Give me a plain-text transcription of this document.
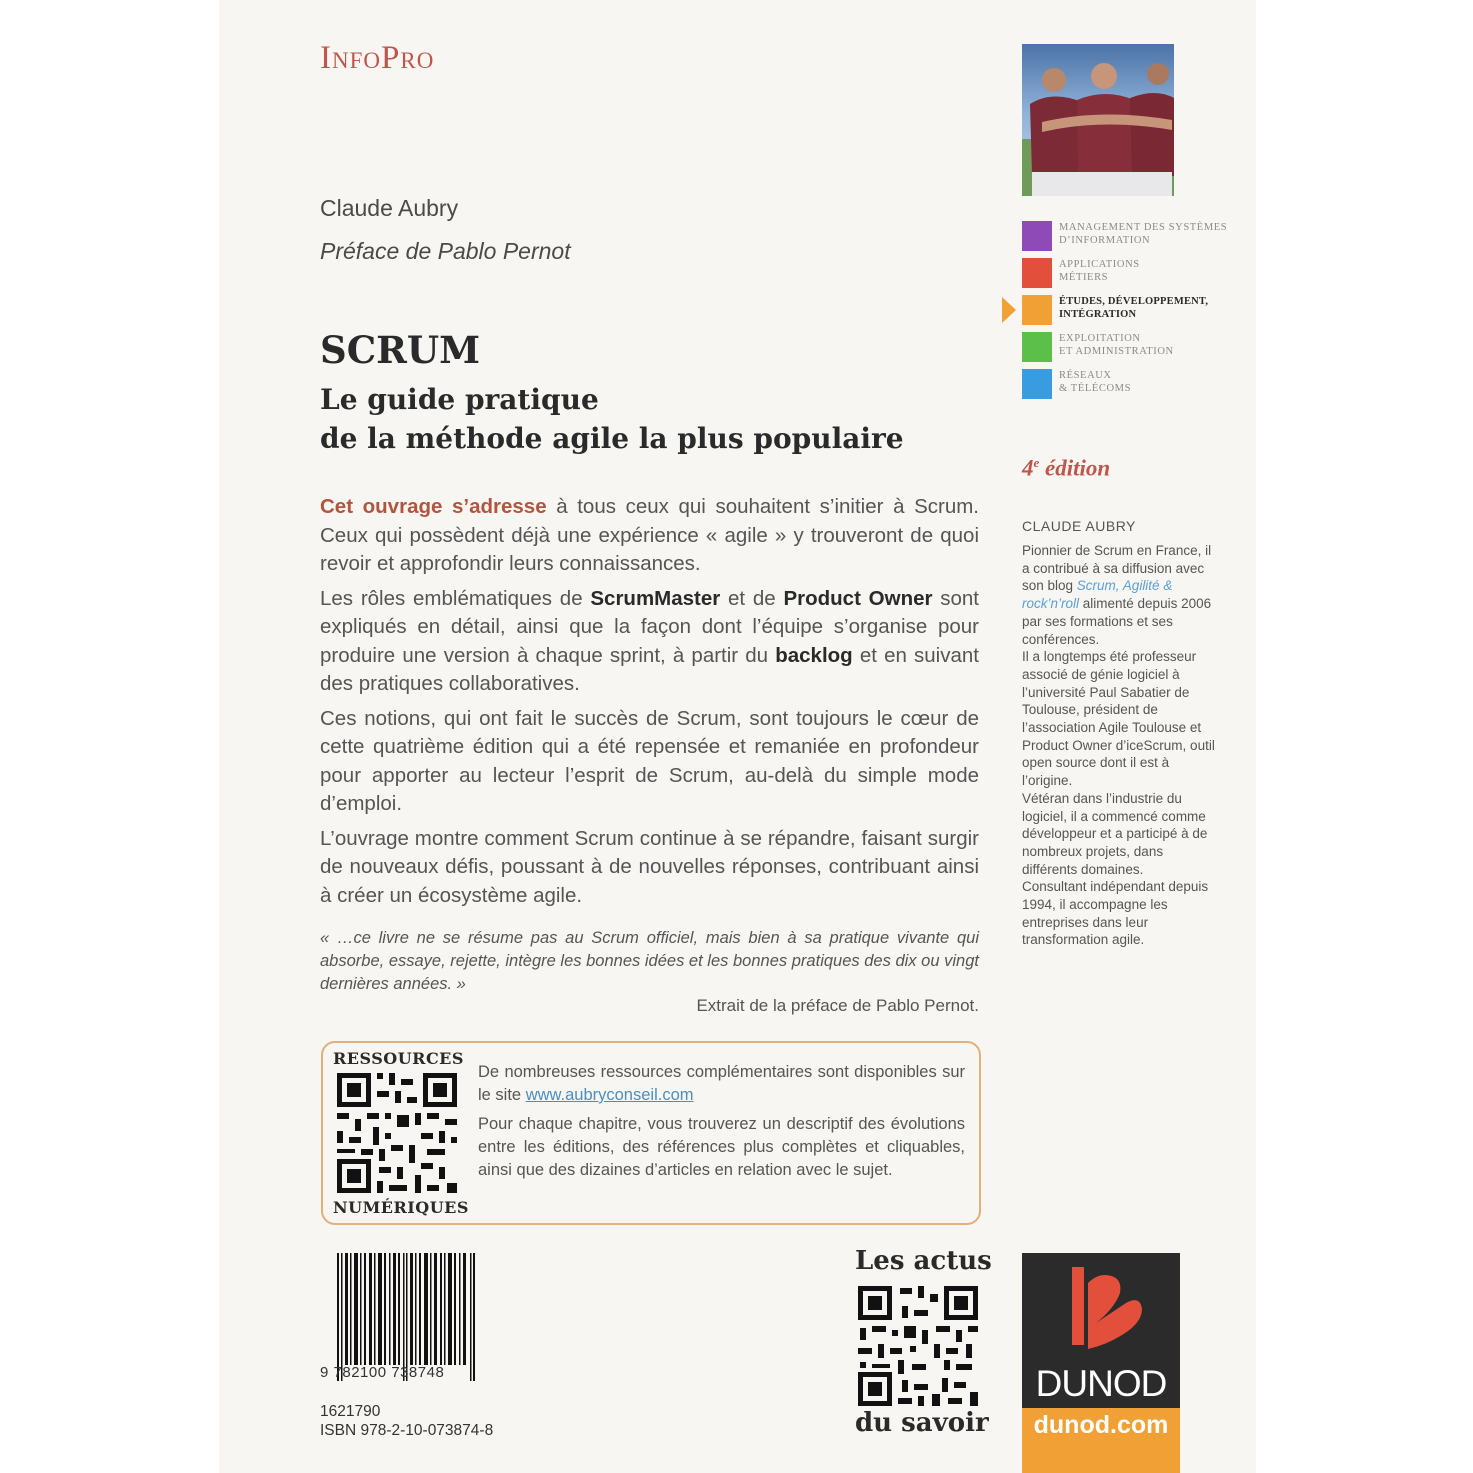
InfoPro
Claude Aubry
Préface de Pablo Pernot
SCRUM
Le guide pratique
de la méthode agile la plus populaire

Cet ouvrage s’adresse à tous ceux qui souhaitent s’initier à Scrum. Ceux qui possèdent déjà une expérience « agile » y trouveront de quoi revoir et approfondir leurs connaissances.

Les rôles emblématiques de ScrumMaster et de Product Owner sont expliqués en détail, ainsi que la façon dont l’équipe s’organise pour produire une version à chaque sprint, à partir du backlog et en suivant des pratiques collaboratives.

Ces notions, qui ont fait le succès de Scrum, sont toujours le cœur de cette quatrième édition qui a été repensée et remaniée en profondeur pour apporter au lecteur l’esprit de Scrum, au-delà du simple mode d’emploi.

L’ouvrage montre comment Scrum continue à se répandre, faisant surgir de nouveaux défis, poussant à de nouvelles réponses, contribuant ainsi à créer un écosystème agile.

« …ce livre ne se résume pas au Scrum officiel, mais bien à sa pratique vivante qui absorbe, essaye, rejette, intègre les bonnes idées et les bonnes pratiques des dix ou vingt dernières années. »
Extrait de la préface de Pablo Pernot.
RESSOURCES
NUMÉRIQUES

De nombreuses ressources complémentaires sont disponibles sur le site www.aubryconseil.com

Pour chaque chapitre, vous trouverez un descriptif des évolutions entre les éditions, des références plus complètes et cliquables, ainsi que des dizaines d’articles en relation avec le sujet.

9 782100 738748
1621790
ISBN 978-2-10-073874-8
Les actus
du savoir
MANAGEMENT DES SYSTÈMES
D’INFORMATION
APPLICATIONS
MÉTIERS
ÉTUDES, DÉVELOPPEMENT,
INTÉGRATION
EXPLOITATION
ET ADMINISTRATION
RÉSEAUX
& TÉLÉCOMS
4e édition
CLAUDE AUBRY
Pionnier de Scrum en France, il a contribué à sa diffusion avec son blog Scrum, Agilité & rock’n’roll alimenté depuis 2006 par ses formations et ses conférences.
Il a longtemps été professeur associé de génie logiciel à l’université Paul Sabatier de Toulouse, président de l’association Agile Toulouse et Product Owner d’iceScrum, outil open source dont il est à l’origine.
Vétéran dans l’industrie du logiciel, il a commencé comme développeur et a participé à de nombreux projets, dans différents domaines.
Consultant indépendant depuis 1994, il accompagne les entreprises dans leur transformation agile.
DUNOD
dunod.com
